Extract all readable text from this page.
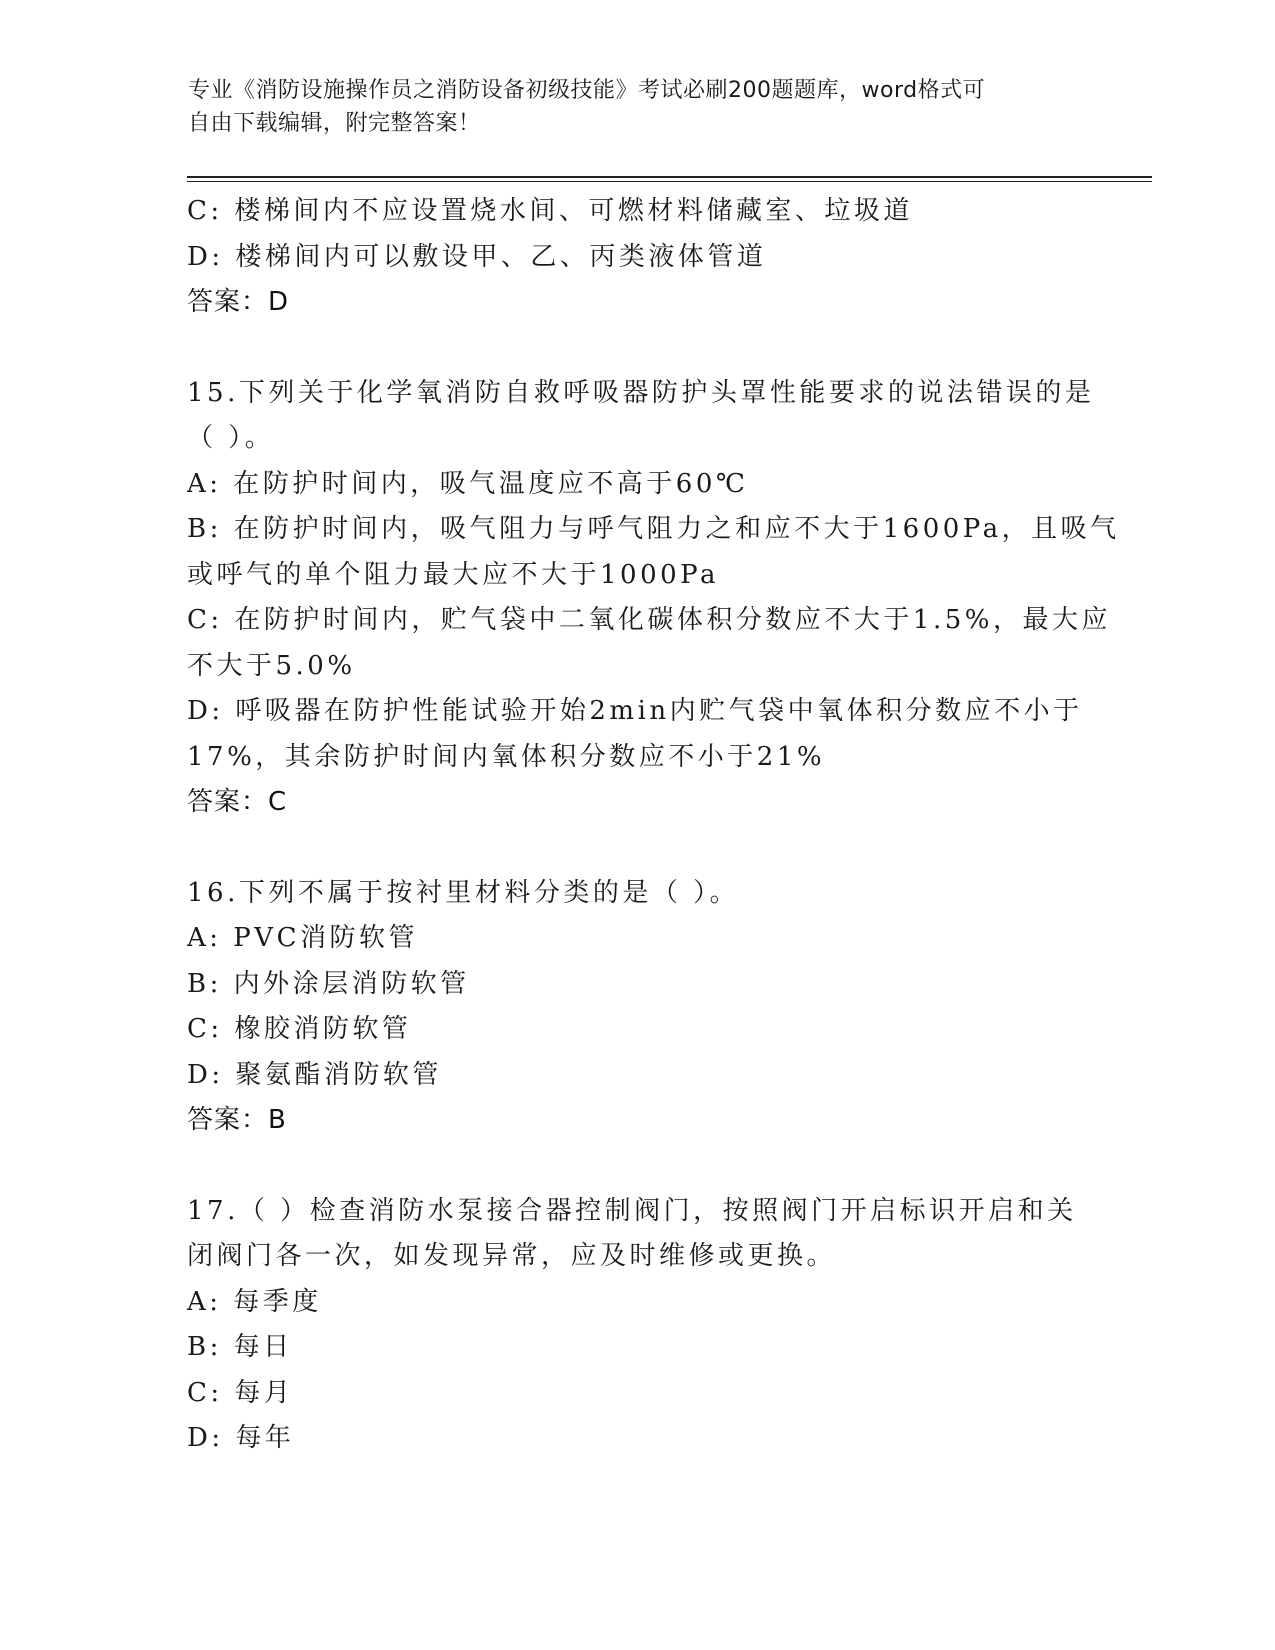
专业《消防设施操作员之消防设备初级技能》考试必刷200题题库，word格式可
自由下载编辑，附完整答案！
C: 楼梯间内不应设置烧水间、可燃材料储藏室、垃圾道
D: 楼梯间内可以敷设甲、乙、丙类液体管道
答案：D
15.下列关于化学氧消防自救呼吸器防护头罩性能要求的说法错误的是
（ ）。
A: 在防护时间内，吸气温度应不高于60℃
B: 在防护时间内，吸气阻力与呼气阻力之和应不大于1600Pa，且吸气
或呼气的单个阻力最大应不大于1000Pa
C: 在防护时间内，贮气袋中二氧化碳体积分数应不大于1.5%，最大应
不大于5.0%
D: 呼吸器在防护性能试验开始2min内贮气袋中氧体积分数应不小于
17%，其余防护时间内氧体积分数应不小于21%
答案：C
16.下列不属于按衬里材料分类的是（ ）。
A: PVC消防软管
B: 内外涂层消防软管
C: 橡胶消防软管
D: 聚氨酯消防软管
答案：B
17.（ ）检查消防水泵接合器控制阀门，按照阀门开启标识开启和关
闭阀门各一次，如发现异常，应及时维修或更换。
A: 每季度
B: 每日
C: 每月
D: 每年
